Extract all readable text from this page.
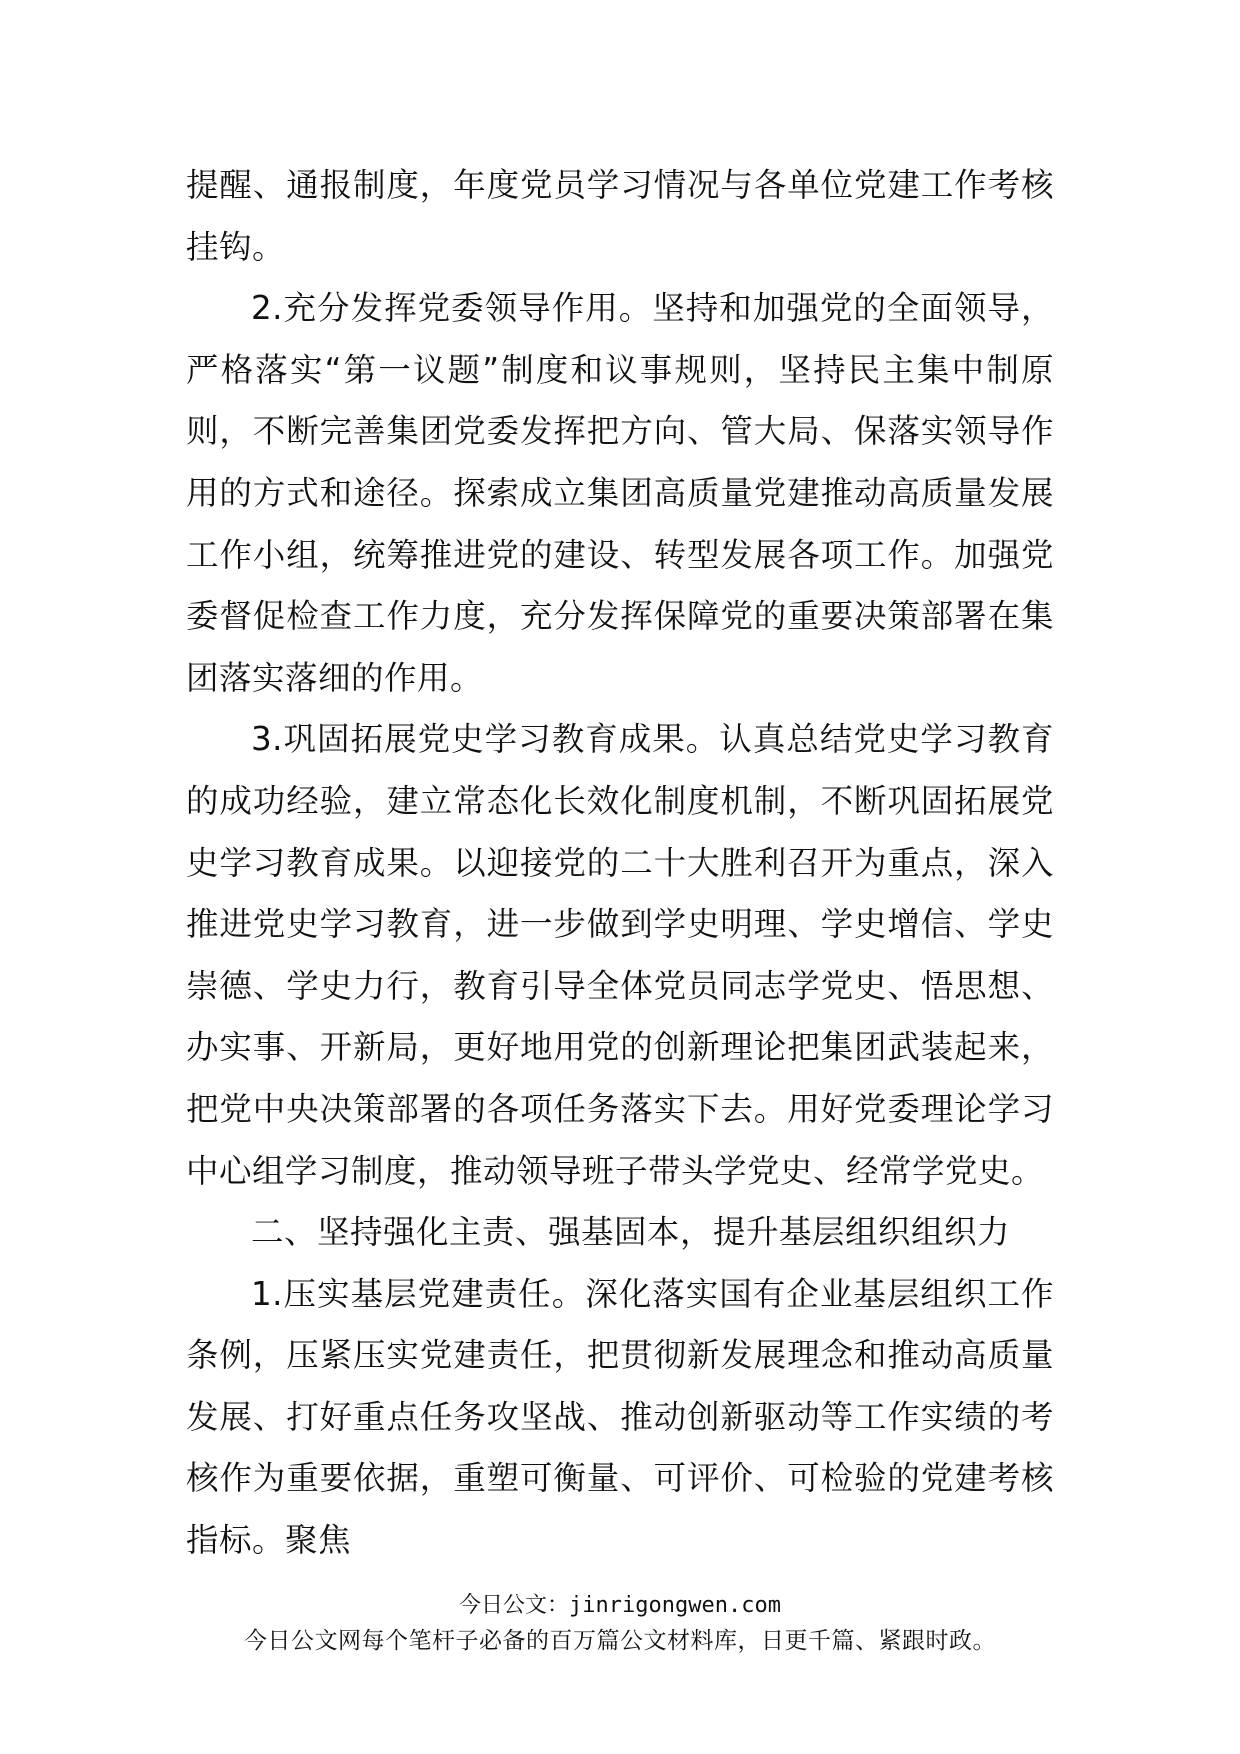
提醒、通报制度，年度党员学习情况与各单位党建工作考核挂钩。

2.充分发挥党委领导作用。坚持和加强党的全面领导，严格落实“第一议题”制度和议事规则，坚持民主集中制原则，不断完善集团党委发挥把方向、管大局、保落实领导作用的方式和途径。探索成立集团高质量党建推动高质量发展工作小组，统筹推进党的建设、转型发展各项工作。加强党委督促检查工作力度，充分发挥保障党的重要决策部署在集团落实落细的作用。

3.巩固拓展党史学习教育成果。认真总结党史学习教育的成功经验，建立常态化长效化制度机制，不断巩固拓展党史学习教育成果。以迎接党的二十大胜利召开为重点，深入推进党史学习教育，进一步做到学史明理、学史增信、学史崇德、学史力行，教育引导全体党员同志学党史、悟思想、办实事、开新局，更好地用党的创新理论把集团武装起来，把党中央决策部署的各项任务落实下去。用好党委理论学习中心组学习制度，推动领导班子带头学党史、经常学党史。

二、坚持强化主责、强基固本，提升基层组织组织力

1.压实基层党建责任。深化落实国有企业基层组织工作条例，压紧压实党建责任，把贯彻新发展理念和推动高质量发展、打好重点任务攻坚战、推动创新驱动等工作实绩的考核作为重要依据，重塑可衡量、可评价、可检验的党建考核指标。聚焦

今日公文：jinrigongwen.com
今日公文网每个笔杆子必备的百万篇公文材料库，日更千篇、紧跟时政。
